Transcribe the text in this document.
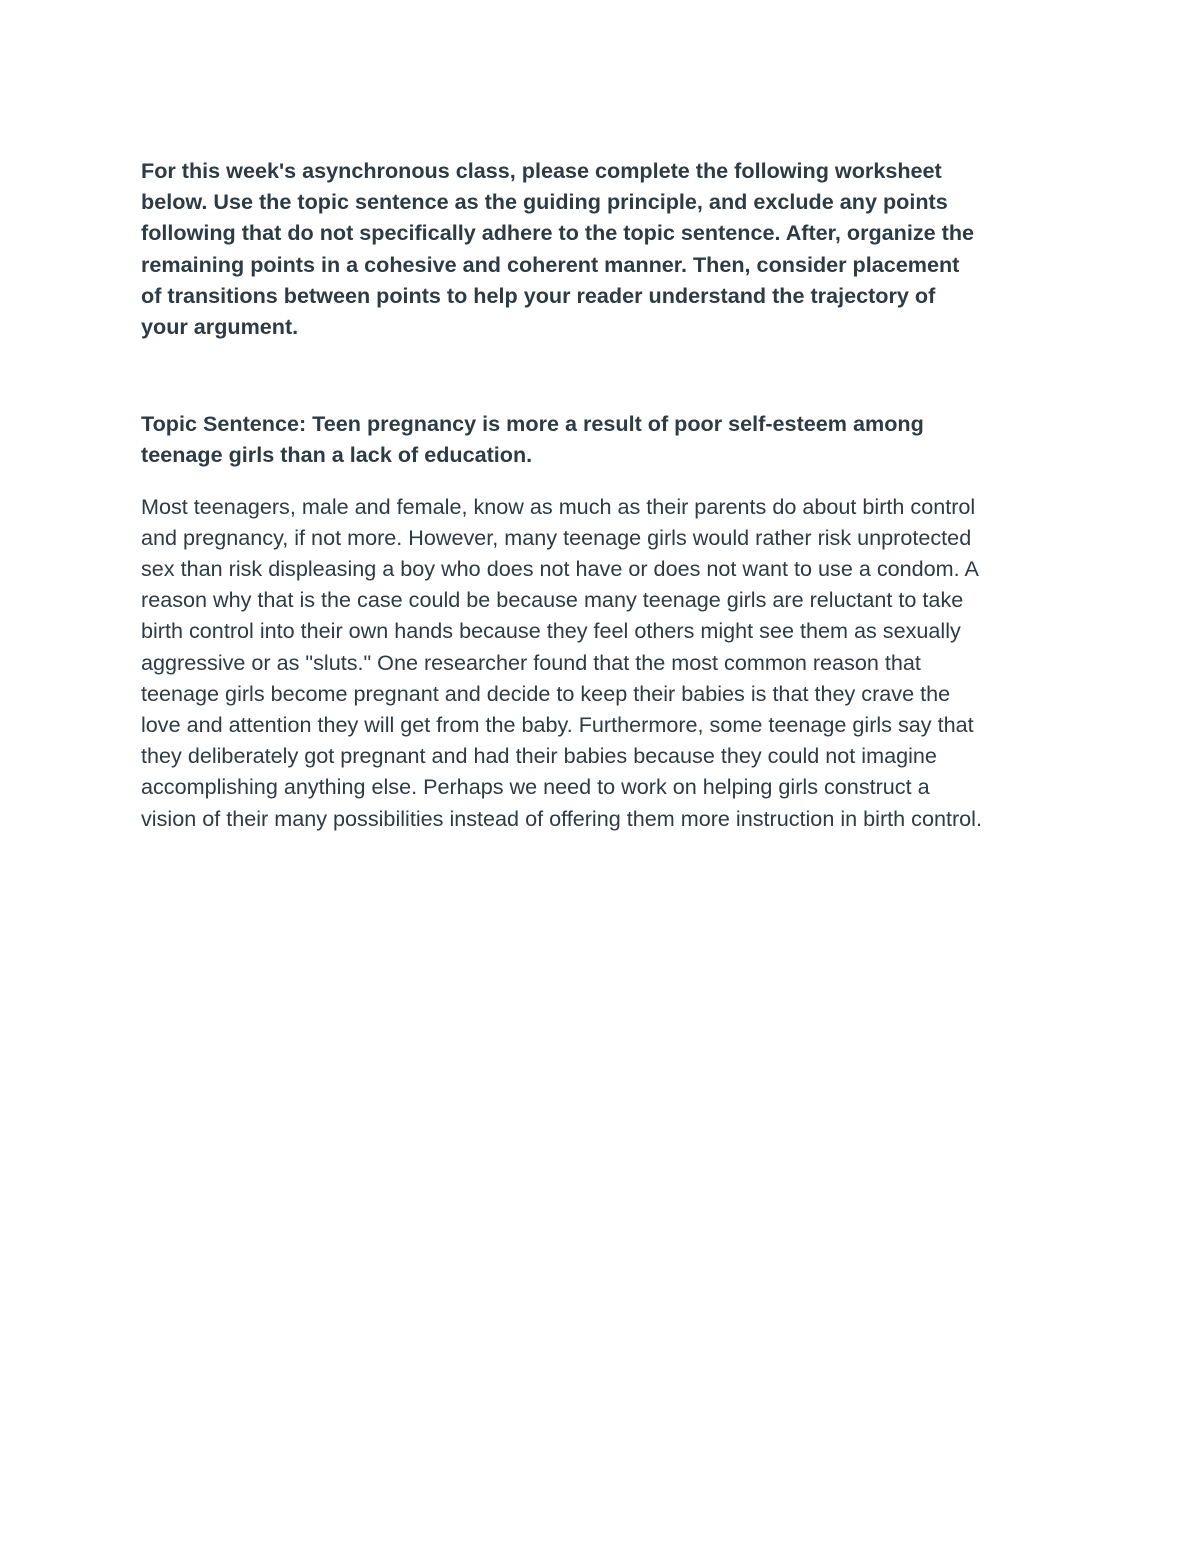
For this week's asynchronous class, please complete the following worksheet
below. Use the topic sentence as the guiding principle, and exclude any points
following that do not specifically adhere to the topic sentence. After, organize the
remaining points in a cohesive and coherent manner. Then, consider placement
of transitions between points to help your reader understand the trajectory of
your argument.

Topic Sentence: Teen pregnancy is more a result of poor self-esteem among
teenage girls than a lack of education.

Most teenagers, male and female, know as much as their parents do about birth control
and pregnancy, if not more. However, many teenage girls would rather risk unprotected
sex than risk displeasing a boy who does not have or does not want to use a condom. A
reason why that is the case could be because many teenage girls are reluctant to take
birth control into their own hands because they feel others might see them as sexually
aggressive or as "sluts." One researcher found that the most common reason that
teenage girls become pregnant and decide to keep their babies is that they crave the
love and attention they will get from the baby. Furthermore, some teenage girls say that
they deliberately got pregnant and had their babies because they could not imagine
accomplishing anything else. Perhaps we need to work on helping girls construct a
vision of their many possibilities instead of offering them more instruction in birth control.
